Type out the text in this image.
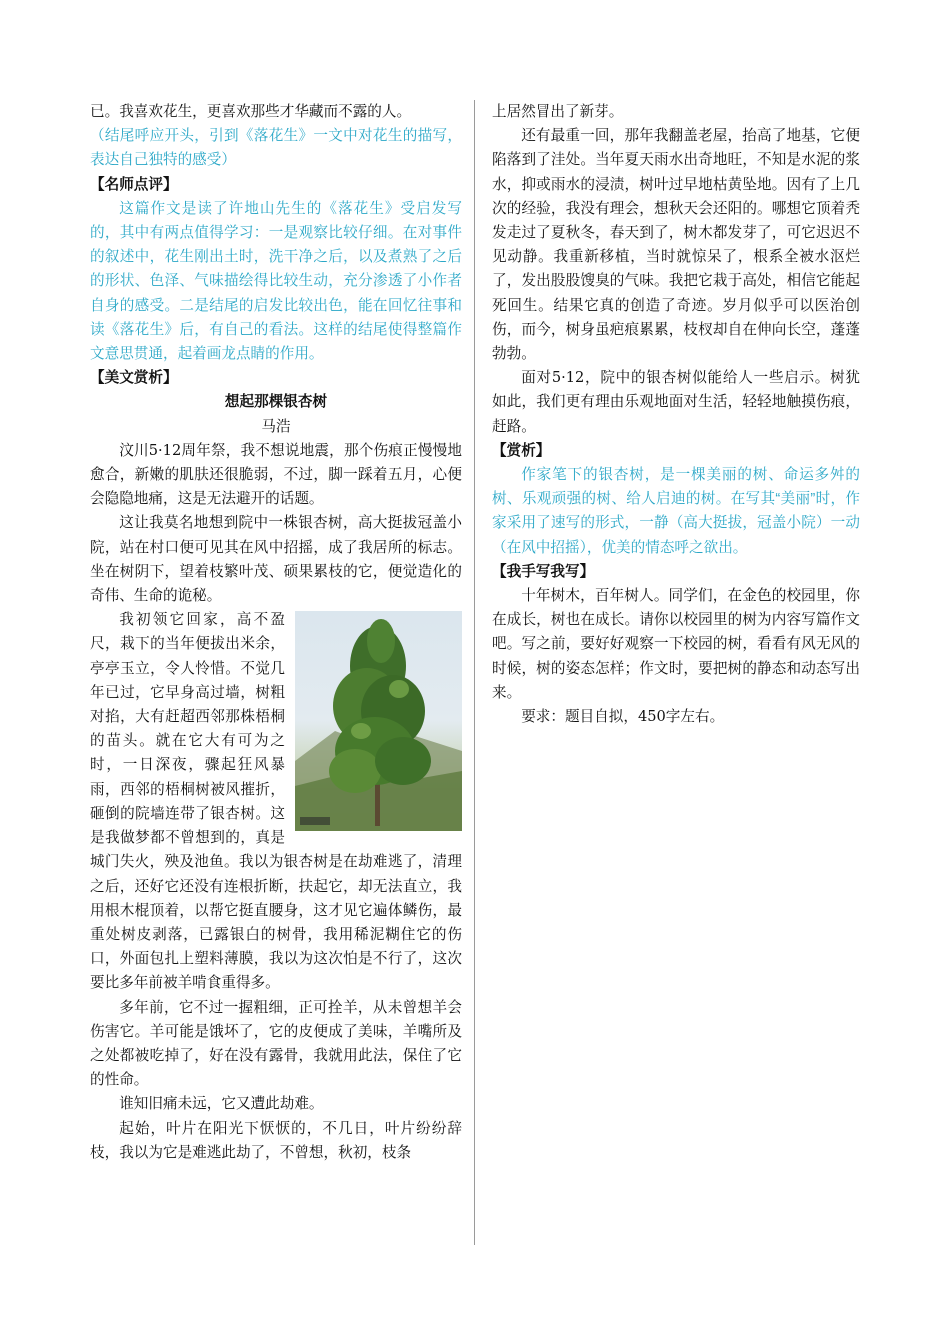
已。我喜欢花生，更喜欢那些才华藏而不露的人。

（结尾呼应开头，引到《落花生》一文中对花生的描写，表达自己独特的感受）

【名师点评】

这篇作文是读了许地山先生的《落花生》受启发写的，其中有两点值得学习：一是观察比较仔细。在对事件的叙述中，花生刚出土时，洗干净之后，以及煮熟了之后的形状、色泽、气味描绘得比较生动，充分渗透了小作者自身的感受。二是结尾的启发比较出色，能在回忆往事和读《落花生》后，有自己的看法。这样的结尾使得整篇作文意思贯通，起着画龙点睛的作用。

【美文赏析】

想起那棵银杏树

马浩

汶川5·12周年祭，我不想说地震，那个伤痕正慢慢地愈合，新嫩的肌肤还很脆弱，不过，脚一踩着五月，心便会隐隐地痛，这是无法避开的话题。

这让我莫名地想到院中一株银杏树，高大挺拔冠盖小院，站在村口便可见其在风中招摇，成了我居所的标志。坐在树阴下，望着枝繁叶茂、硕果累枝的它，便觉造化的奇伟、生命的诡秘。

我初领它回家，高不盈尺，栽下的当年便拔出米余，亭亭玉立，令人怜惜。不觉几年已过，它早身高过墙，树粗对掐，大有赶超西邻那株梧桐的苗头。就在它大有可为之时，一日深夜，骤起狂风暴雨，西邻的梧桐树被风摧折，砸倒的院墙连带了银杏树。这是我做梦都不曾想到的，真是城门失火，殃及池鱼。我以为银杏树是在劫难逃了，清理之后，还好它还没有连根折断，扶起它，却无法直立，我用根木棍顶着，以帮它挺直腰身，这才见它遍体鳞伤，最重处树皮剥落，已露银白的树骨，我用稀泥糊住它的伤口，外面包扎上塑料薄膜，我以为这次怕是不行了，这次要比多年前被羊啃食重得多。

多年前，它不过一握粗细，正可拴羊，从未曾想羊会伤害它。羊可能是饿坏了，它的皮便成了美味，羊嘴所及之处都被吃掉了，好在没有露骨，我就用此法，保住了它的性命。

谁知旧痛未远，它又遭此劫难。

起始，叶片在阳光下恹恹的，不几日，叶片纷纷辞枝，我以为它是难逃此劫了，不曾想，秋初，枝条

上居然冒出了新芽。

还有最重一回，那年我翻盖老屋，抬高了地基，它便陷落到了洼处。当年夏天雨水出奇地旺，不知是水泥的浆水，抑或雨水的浸渍，树叶过早地枯黄坠地。因有了上几次的经验，我没有理会，想秋天会还阳的。哪想它顶着秃发走过了夏秋冬，春天到了，树木都发芽了，可它迟迟不见动静。我重新移植，当时就惊呆了，根系全被水沤烂了，发出股股馊臭的气味。我把它栽于高处，相信它能起死回生。结果它真的创造了奇迹。岁月似乎可以医治创伤，而今，树身虽疤痕累累，枝杈却自在伸向长空，蓬蓬勃勃。

面对5·12，院中的银杏树似能给人一些启示。树犹如此，我们更有理由乐观地面对生活，轻轻地触摸伤痕，赶路。

【赏析】

作家笔下的银杏树，是一棵美丽的树、命运多舛的树、乐观顽强的树、给人启迪的树。在写其“美丽”时，作家采用了速写的形式，一静（高大挺拔，冠盖小院）一动（在风中招摇），优美的情态呼之欲出。

【我手写我写】

十年树木，百年树人。同学们，在金色的校园里，你在成长，树也在成长。请你以校园里的树为内容写篇作文吧。写之前，要好好观察一下校园的树，看看有风无风的时候，树的姿态怎样；作文时，要把树的静态和动态写出来。

要求：题目自拟，450字左右。
